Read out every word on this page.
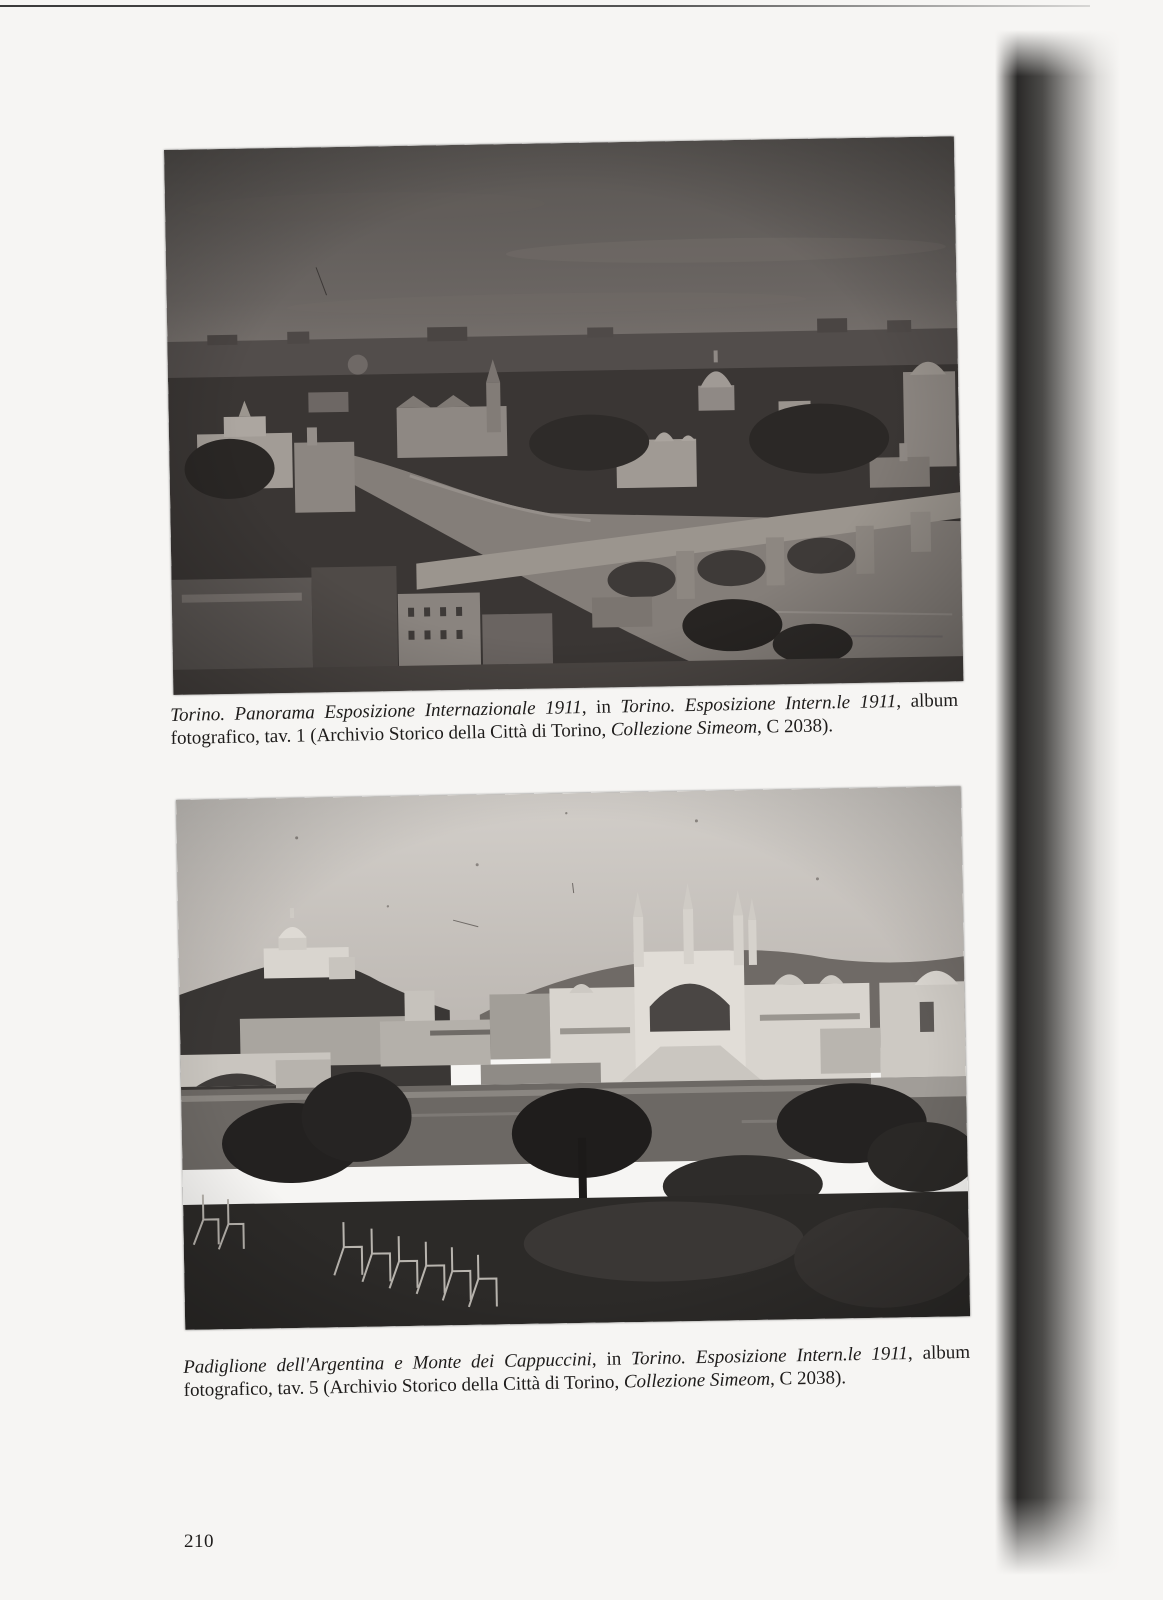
Torino. Panorama Esposizione Internazionale 1911, in Torino. Esposizione Intern.le 1911, album
fotografico, tav. 1 (Archivio Storico della Città di Torino, Collezione Simeom, C 2038).
Padiglione dell'Argentina e Monte dei Cappuccini, in Torino. Esposizione Intern.le 1911, album
fotografico, tav. 5 (Archivio Storico della Città di Torino, Collezione Simeom, C 2038).
210
